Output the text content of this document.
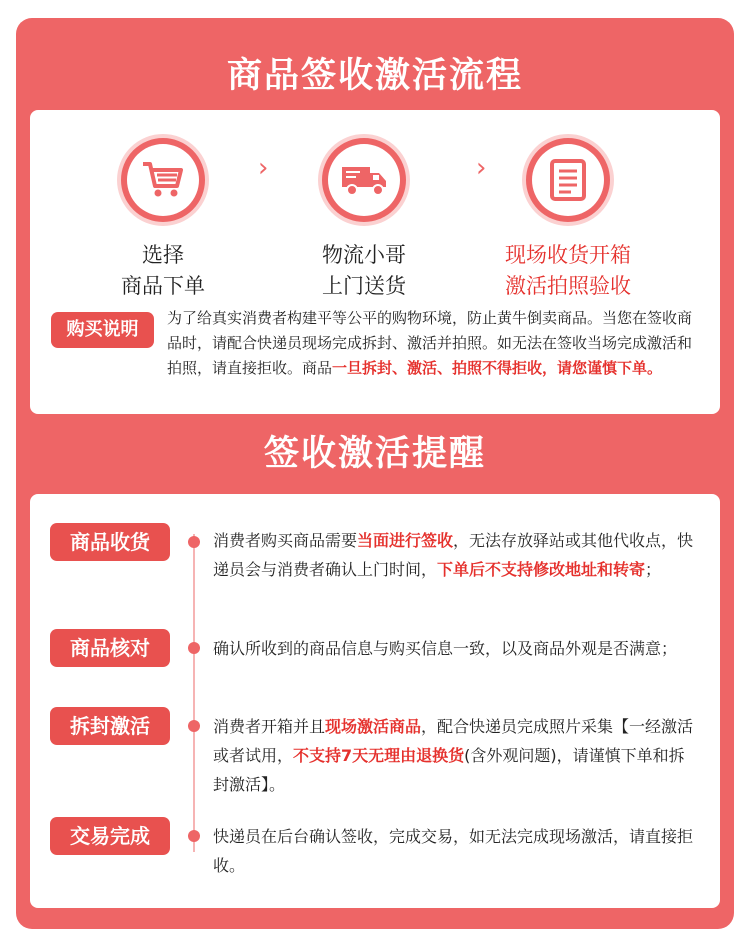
商品签收激活流程
选择
商品下单
›
物流小哥
上门送货
›
现场收货开箱
激活拍照验收
购买说明
为了给真实消费者构建平等公平的购物环境，防止黄牛倒卖商品。当您在签收商品时，请配合快递员现场完成拆封、激活并拍照。如无法在签收当场完成激活和拍照，请直接拒收。商品一旦拆封、激活、拍照不得拒收，请您谨慎下单。
签收激活提醒
商品收货	消费者购买商品需要当面进行签收，无法存放驿站或其他代收点，快递员会与消费者确认上门时间，下单后不支持修改地址和转寄；
商品核对	确认所收到的商品信息与购买信息一致，以及商品外观是否满意；
拆封激活	消费者开箱并且现场激活商品，配合快递员完成照片采集【一经激活或者试用，不支持7天无理由退换货(含外观问题)，请谨慎下单和拆封激活】。
交易完成	快递员在后台确认签收，完成交易，如无法完成现场激活，请直接拒收。
